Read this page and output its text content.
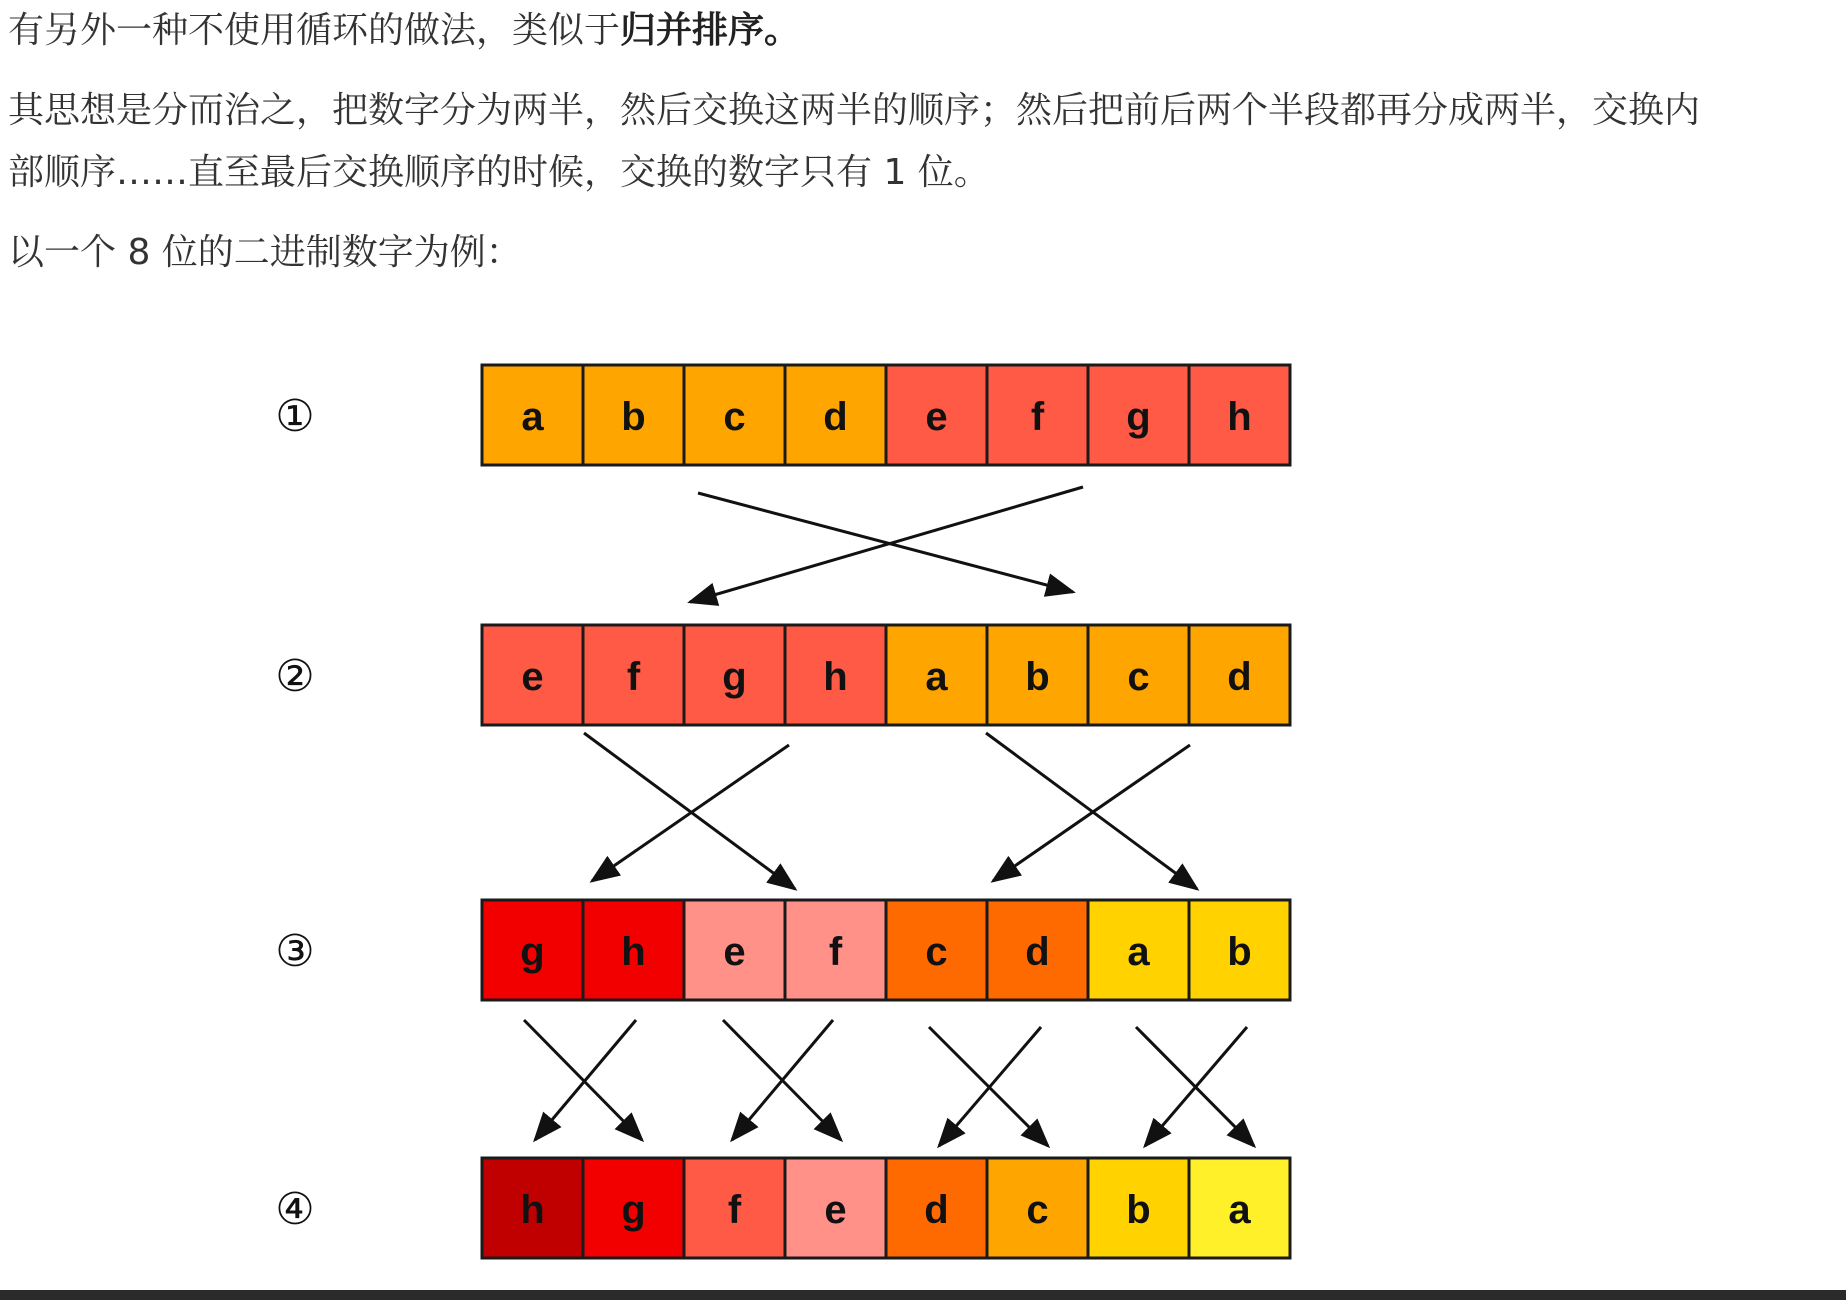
有另外一种不使用循环的做法，类似于归并排序。

其思想是分而治之，把数字分为两半，然后交换这两半的顺序；然后把前后两个半段都再分成两半，交换内
部顺序……直至最后交换顺序的时候，交换的数字只有 1 位。

以一个 8 位的二进制数字为例：

①	a b c d e f g h
②	e f g h a b c d
③	g h e f c d a b
④	h g f e d c b a
